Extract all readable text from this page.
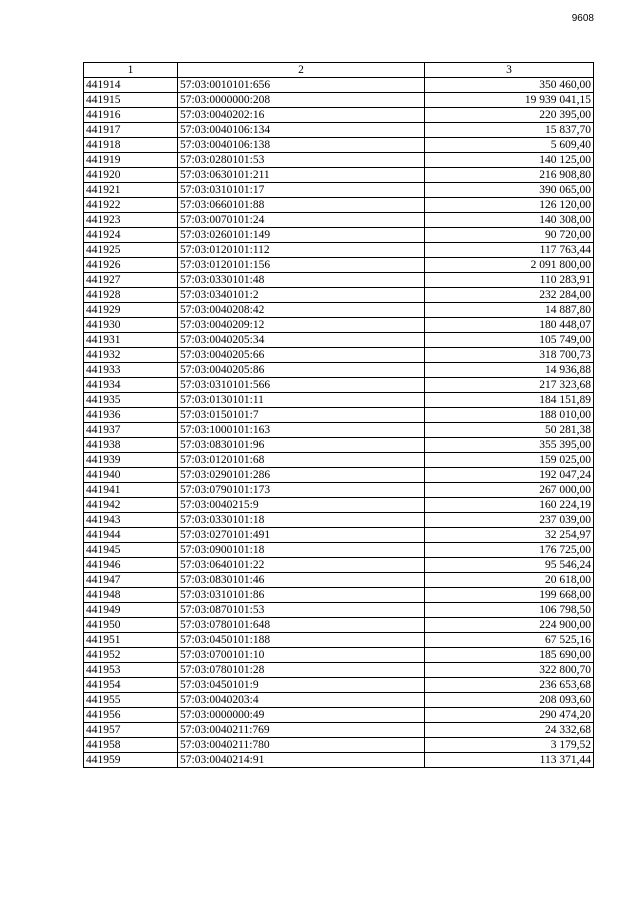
9608
1	2	3
441914	57:03:0010101:656	350 460,00
441915	57:03:0000000:208	19 939 041,15
441916	57:03:0040202:16	220 395,00
441917	57:03:0040106:134	15 837,70
441918	57:03:0040106:138	5 609,40
441919	57:03:0280101:53	140 125,00
441920	57:03:0630101:211	216 908,80
441921	57:03:0310101:17	390 065,00
441922	57:03:0660101:88	126 120,00
441923	57:03:0070101:24	140 308,00
441924	57:03:0260101:149	90 720,00
441925	57:03:0120101:112	117 763,44
441926	57:03:0120101:156	2 091 800,00
441927	57:03:0330101:48	110 283,91
441928	57:03:0340101:2	232 284,00
441929	57:03:0040208:42	14 887,80
441930	57:03:0040209:12	180 448,07
441931	57:03:0040205:34	105 749,00
441932	57:03:0040205:66	318 700,73
441933	57:03:0040205:86	14 936,88
441934	57:03:0310101:566	217 323,68
441935	57:03:0130101:11	184 151,89
441936	57:03:0150101:7	188 010,00
441937	57:03:1000101:163	50 281,38
441938	57:03:0830101:96	355 395,00
441939	57:03:0120101:68	159 025,00
441940	57:03:0290101:286	192 047,24
441941	57:03:0790101:173	267 000,00
441942	57:03:0040215:9	160 224,19
441943	57:03:0330101:18	237 039,00
441944	57:03:0270101:491	32 254,97
441945	57:03:0900101:18	176 725,00
441946	57:03:0640101:22	95 546,24
441947	57:03:0830101:46	20 618,00
441948	57:03:0310101:86	199 668,00
441949	57:03:0870101:53	106 798,50
441950	57:03:0780101:648	224 900,00
441951	57:03:0450101:188	67 525,16
441952	57:03:0700101:10	185 690,00
441953	57:03:0780101:28	322 800,70
441954	57:03:0450101:9	236 653,68
441955	57:03:0040203:4	208 093,60
441956	57:03:0000000:49	290 474,20
441957	57:03:0040211:769	24 332,68
441958	57:03:0040211:780	3 179,52
441959	57:03:0040214:91	113 371,44
